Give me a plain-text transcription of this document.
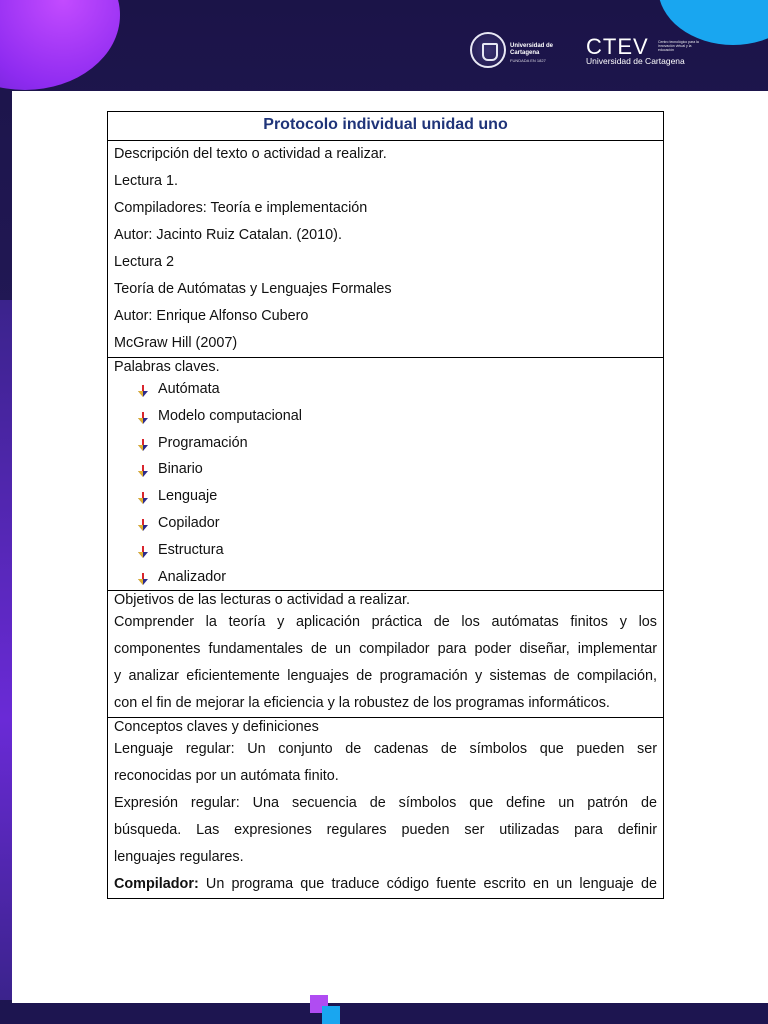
Universidad de Cartagena
FUNDADA EN 1827
CTEV	Centro tecnológico para la innovación virtual y la educación
Universidad de Cartagena
Protocolo individual unidad uno

Descripción del texto o actividad a realizar.
Lectura 1.
Compiladores: Teoría e implementación
Autor: Jacinto Ruiz Catalan. (2010).
Lectura 2
Teoría de Autómatas y Lenguajes Formales
Autor: Enrique Alfonso Cubero
McGraw Hill (2007)

Palabras claves.
Autómata
Modelo computacional
Programación
Binario
Lenguaje
Copilador
Estructura
Analizador

Objetivos de las lecturas o actividad a realizar.
Comprender la teoría y aplicación práctica de los autómatas finitos y los
componentes fundamentales de un compilador para poder diseñar, implementar
y analizar eficientemente lenguajes de programación y sistemas de compilación,
con el fin de mejorar la eficiencia y la robustez de los programas informáticos.

Conceptos claves y definiciones
Lenguaje regular: Un conjunto de cadenas de símbolos que pueden ser
reconocidas por un autómata finito.
Expresión regular: Una secuencia de símbolos que define un patrón de
búsqueda. Las expresiones regulares pueden ser utilizadas para definir
lenguajes regulares.
Compilador: Un programa que traduce código fuente escrito en un lenguaje de
